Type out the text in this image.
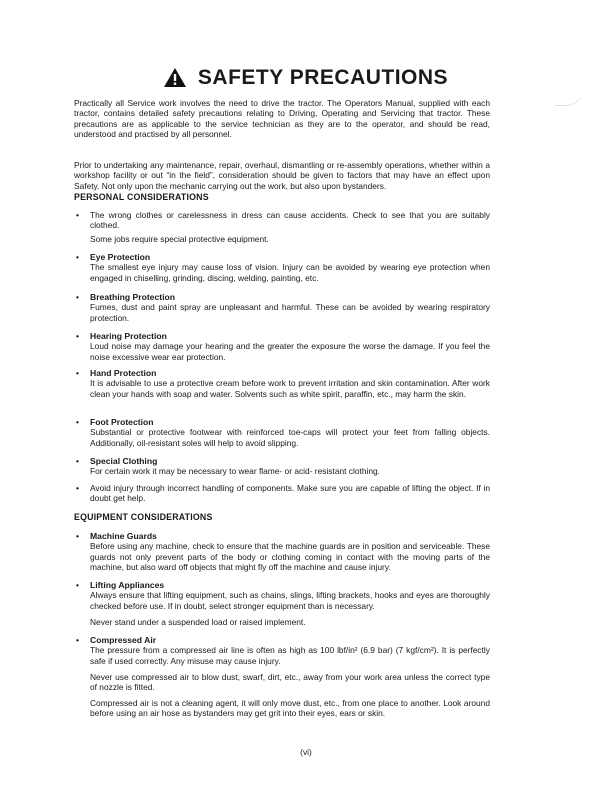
SAFETY PRECAUTIONS

Practically all Service work involves the need to drive the tractor. The Operators Manual, supplied with each tractor, contains detailed safety precautions relating to Driving, Operating and Servicing that tractor. These precautions are as applicable to the service technician as they are to the operator, and should be read, understood and practised by all personnel.

Prior to undertaking any maintenance, repair, overhaul, dismantling or re-assembly operations, whether within a workshop facility or out “in the field”, consideration should be given to factors that may have an effect upon Safety. Not only upon the mechanic carrying out the work, but also upon bystanders.

PERSONAL CONSIDERATIONS
• The wrong clothes or carelessness in dress can cause accidents. Check to see that you are suitably clothed.
Some jobs require special protective equipment.
• Eye Protection
The smallest eye injury may cause loss of vision. Injury can be avoided by wearing eye protection when engaged in chiselling, grinding, discing, welding, painting, etc.
• Breathing Protection
Fumes, dust and paint spray are unpleasant and harmful. These can be avoided by wearing respiratory protection.
• Hearing Protection
Loud noise may damage your hearing and the greater the exposure the worse the damage. If you feel the noise excessive wear ear protection.
• Hand Protection
It is advisable to use a protective cream before work to prevent irritation and skin contamination. After work clean your hands with soap and water. Solvents such as white spirit, paraffin, etc., may harm the skin.
• Foot Protection
Substantial or protective footwear with reinforced toe-caps will protect your feet from falling objects. Additionally, oil-resistant soles will help to avoid slipping.
• Special Clothing
For certain work it may be necessary to wear flame- or acid- resistant clothing.
• Avoid injury through incorrect handling of components. Make sure you are capable of lifting the object. If in doubt get help.
EQUIPMENT CONSIDERATIONS
• Machine Guards
Before using any machine, check to ensure that the machine guards are in position and serviceable. These guards not only prevent parts of the body or clothing coming in contact with the moving parts of the machine, but also ward off objects that might fly off the machine and cause injury.
• Lifting Appliances
Always ensure that lifting equipment, such as chains, slings, lifting brackets, hooks and eyes are thoroughly checked before use. If in doubt, select stronger equipment than is necessary.
Never stand under a suspended load or raised implement.
• Compressed Air
The pressure from a compressed air line is often as high as 100 lbf/in² (6.9 bar) (7 kgf/cm²). It is perfectly safe if used correctly. Any misuse may cause injury.
Never use compressed air to blow dust, swarf, dirt, etc., away from your work area unless the correct type of nozzle is fitted.
Compressed air is not a cleaning agent, it will only move dust, etc., from one place to another. Look around before using an air hose as bystanders may get grit into their eyes, ears or skin.
(vi)
